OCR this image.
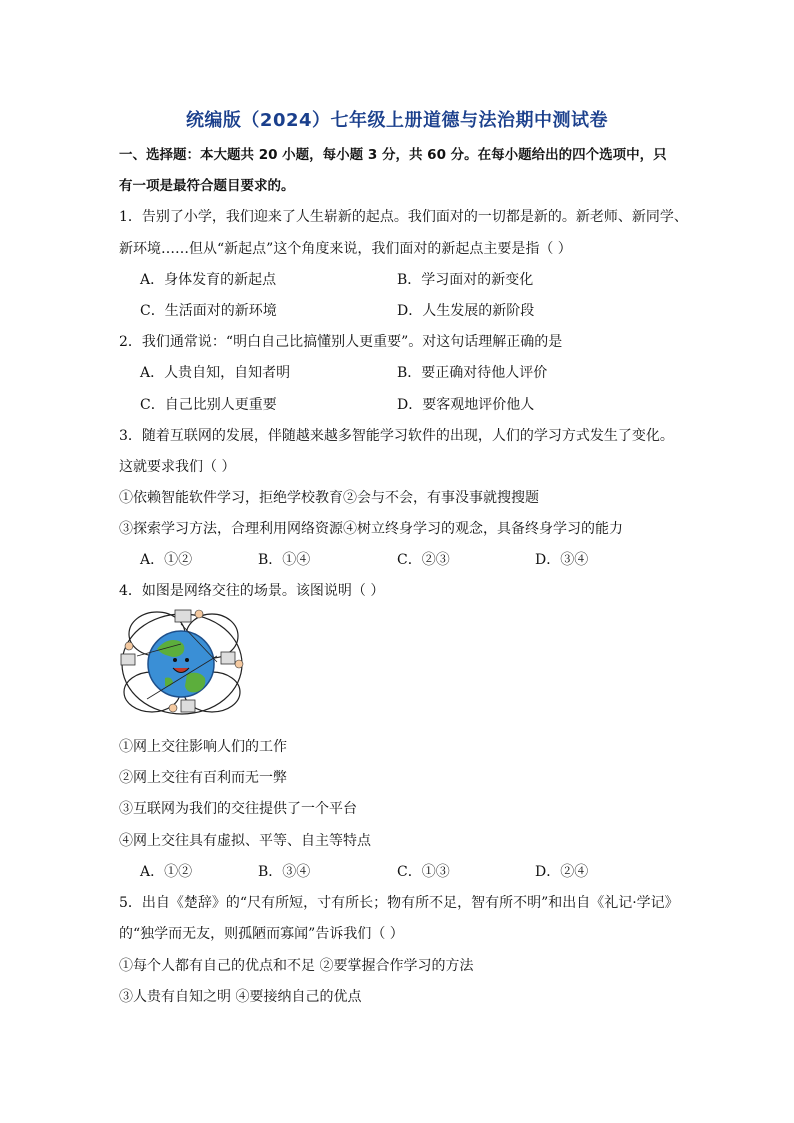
统编版（2024）七年级上册道德与法治期中测试卷
一、选择题：本大题共 20 小题，每小题 3 分，共 60 分。在每小题给出的四个选项中，只
有一项是最符合题目要求的。
1．告别了小学，我们迎来了人生崭新的起点。我们面对的一切都是新的。新老师、新同学、
新环境……但从“新起点”这个角度来说，我们面对的新起点主要是指（ ）
A．身体发育的新起点	B．学习面对的新变化
C．生活面对的新环境	D．人生发展的新阶段
2．我们通常说：“明白自己比搞懂别人更重要”。对这句话理解正确的是
A．人贵自知，自知者明	B．要正确对待他人评价
C．自己比别人更重要	D．要客观地评价他人
3．随着互联网的发展，伴随越来越多智能学习软件的出现，人们的学习方式发生了变化。
这就要求我们（ ）
①依赖智能软件学习，拒绝学校教育②会与不会，有事没事就搜搜题
③探索学习方法，合理利用网络资源④树立终身学习的观念，具备终身学习的能力
A．①②	B．①④	C．②③	D．③④
4．如图是网络交往的场景。该图说明（ ）
①网上交往影响人们的工作
②网上交往有百利而无一弊
③互联网为我们的交往提供了一个平台
④网上交往具有虚拟、平等、自主等特点
A．①②	B．③④	C．①③	D．②④
5．出自《楚辞》的“尺有所短，寸有所长；物有所不足，智有所不明”和出自《礼记·学记》
的“独学而无友，则孤陋而寡闻”告诉我们（ ）
①每个人都有自己的优点和不足 ②要掌握合作学习的方法
③人贵有自知之明 ④要接纳自己的优点
